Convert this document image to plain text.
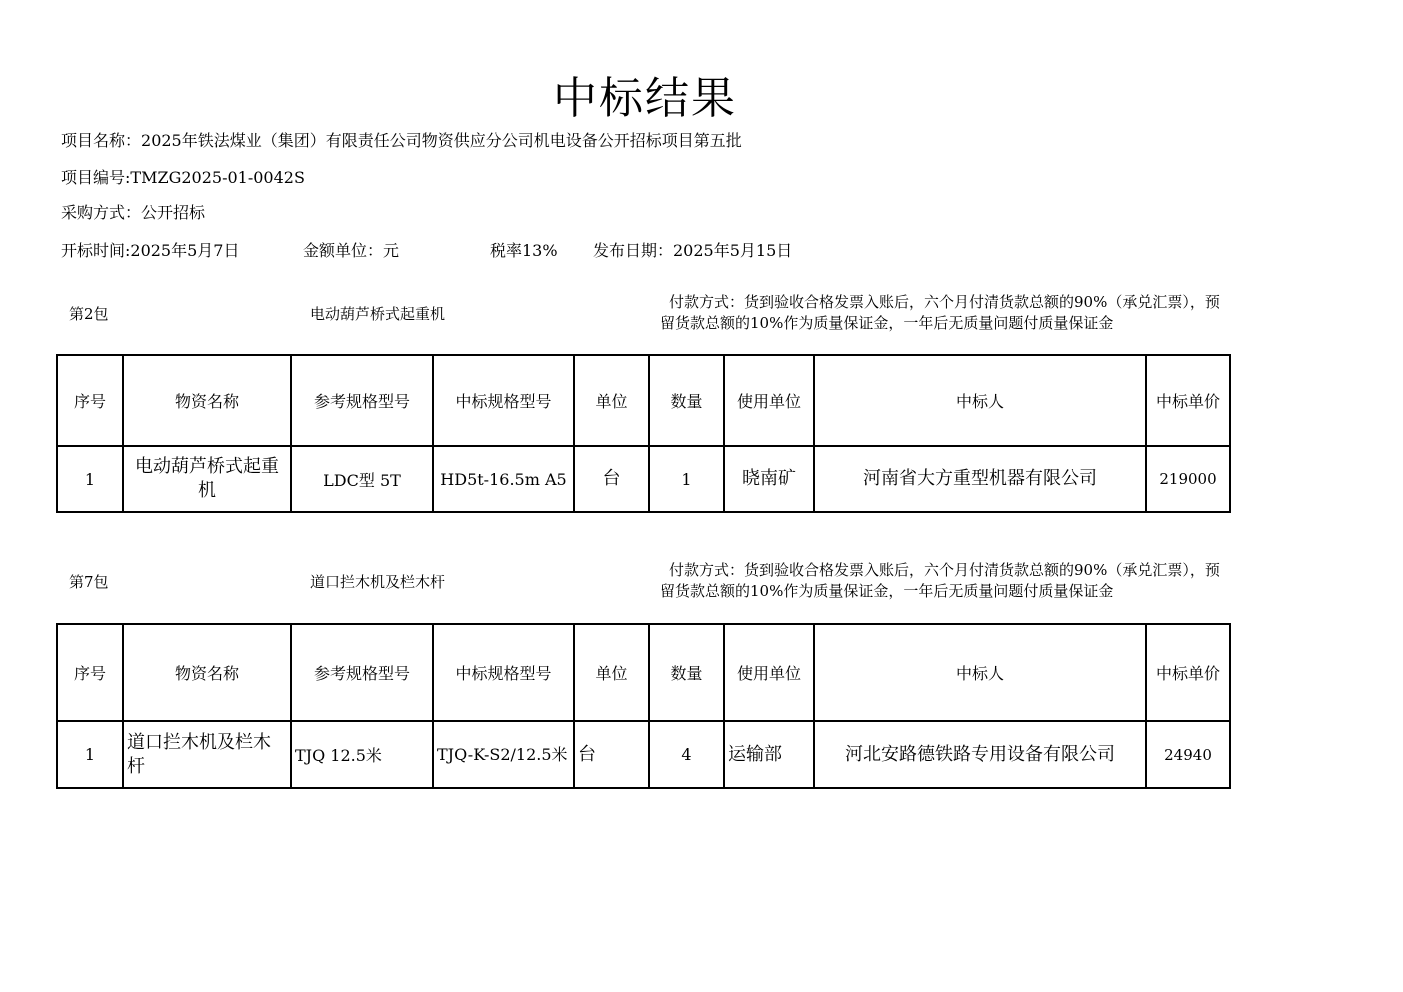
中标结果
项目名称：2025年铁法煤业（集团）有限责任公司物资供应分公司机电设备公开招标项目第五批
项目编号:TMZG2025-01-0042S
采购方式：公开招标
开标时间:2025年5月7日	金额单位：元	税率13% 发布日期：2025年5月15日
第2包	电动葫芦桥式起重机
付款方式：货到验收合格发票入账后，六个月付清货款总额的90%（承兑汇票），预留货款总额的10%作为质量保证金，一年后无质量问题付质量保证金
序号	物资名称	参考规格型号	中标规格型号	单位	数量	使用单位	中标人	中标单价
1	电动葫芦桥式起重机	LDC型 5T	HD5t-16.5m A5	台	1	晓南矿	河南省大方重型机器有限公司	219000
第7包	道口拦木机及栏木杆
付款方式：货到验收合格发票入账后，六个月付清货款总额的90%（承兑汇票），预留货款总额的10%作为质量保证金，一年后无质量问题付质量保证金
序号	物资名称	参考规格型号	中标规格型号	单位	数量	使用单位	中标人	中标单价
1	道口拦木机及栏木杆	TJQ 12.5米	TJQ-K-S2/12.5米	台	4	运输部	河北安路德铁路专用设备有限公司	24940
